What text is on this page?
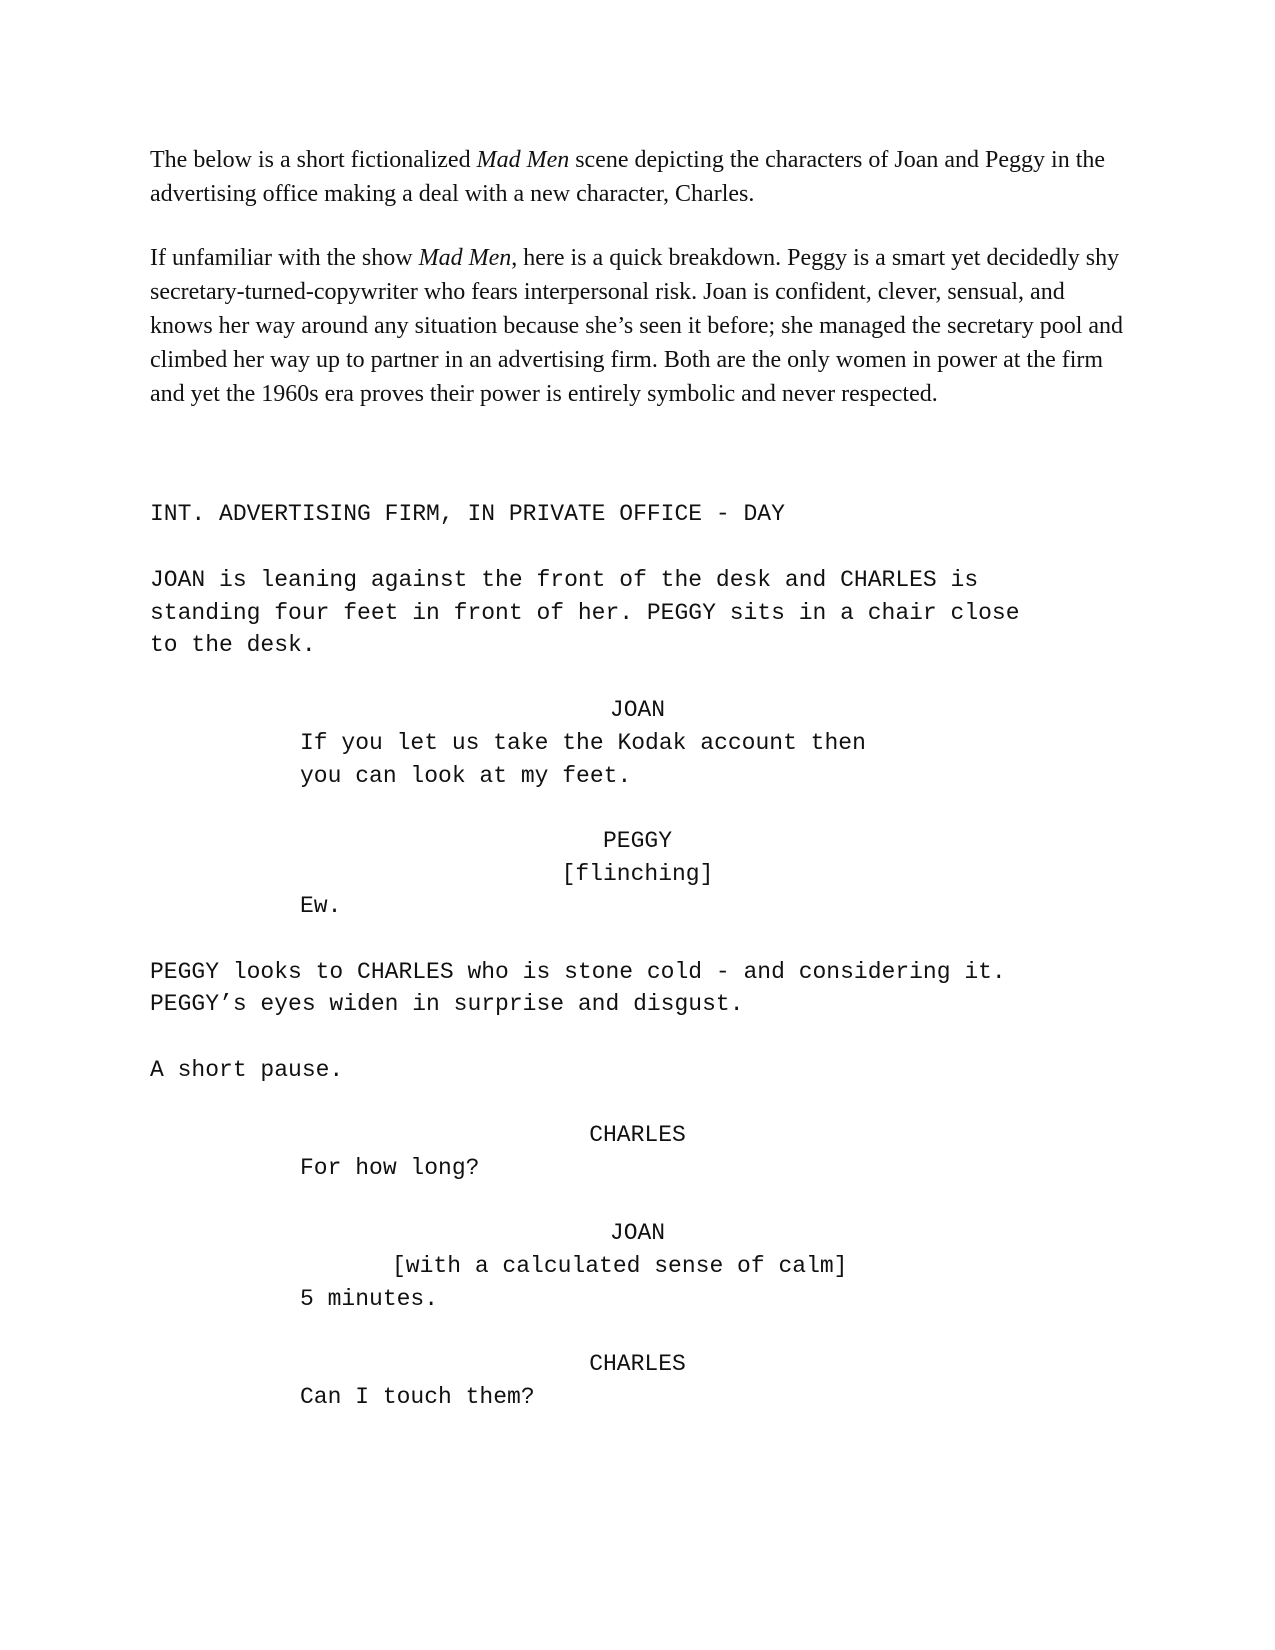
The below is a short fictionalized Mad Men scene depicting the characters of Joan and Peggy in the advertising office making a deal with a new character, Charles.

If unfamiliar with the show Mad Men, here is a quick breakdown. Peggy is a smart yet decidedly shy secretary-turned-copywriter who fears interpersonal risk. Joan is confident, clever, sensual, and knows her way around any situation because she’s seen it before; she managed the secretary pool and climbed her way up to partner in an advertising firm. Both are the only women in power at the firm and yet the 1960s era proves their power is entirely symbolic and never respected.

INT. ADVERTISING FIRM, IN PRIVATE OFFICE - DAY
JOAN is leaning against the front of the desk and CHARLES is
standing four feet in front of her. PEGGY sits in a chair close
to the desk.
JOAN
If you let us take the Kodak account then
you can look at my feet.
PEGGY
[flinching]
Ew.
PEGGY looks to CHARLES who is stone cold - and considering it.
PEGGY’s eyes widen in surprise and disgust.
A short pause.
CHARLES
For how long?
JOAN
[with a calculated sense of calm]
5 minutes.
CHARLES
Can I touch them?
